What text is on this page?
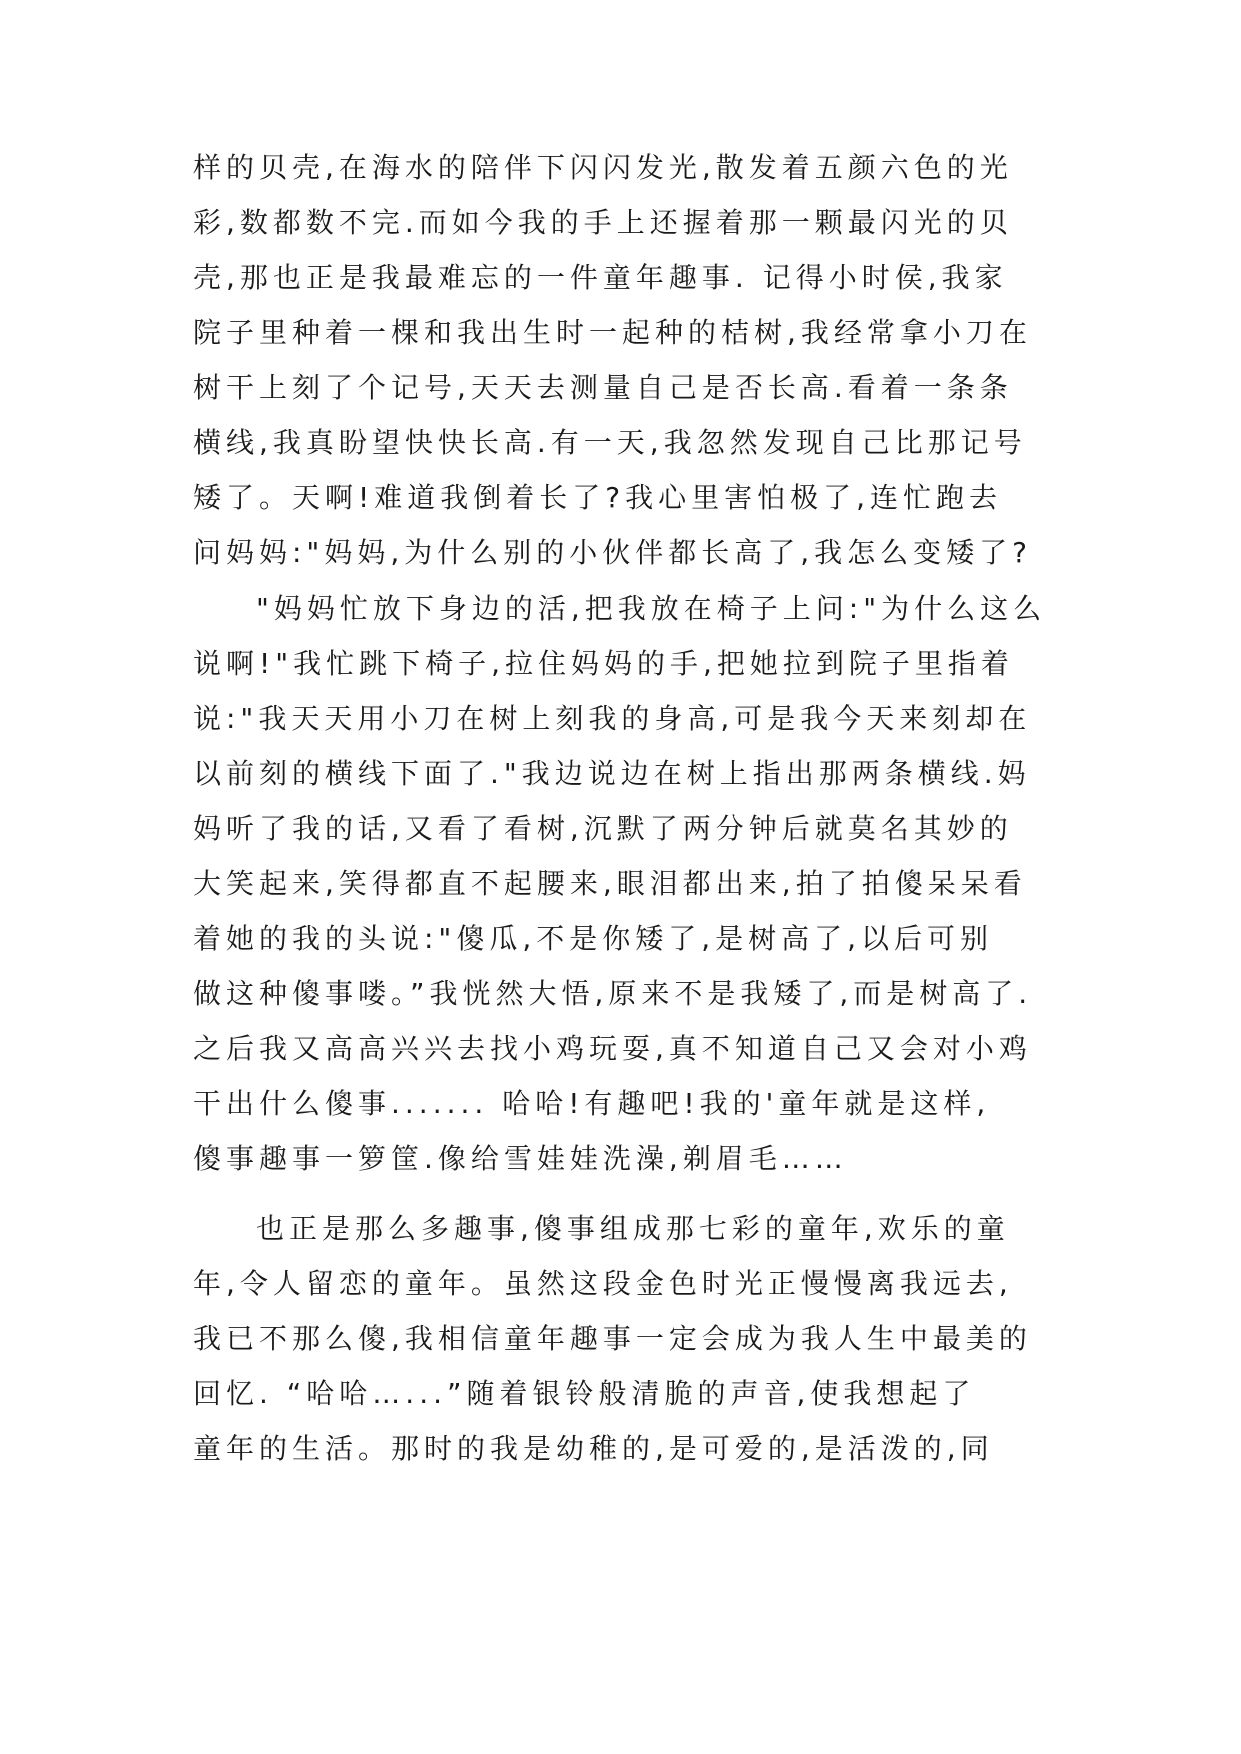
样的贝壳,在海水的陪伴下闪闪发光,散发着五颜六色的光
彩,数都数不完.而如今我的手上还握着那一颗最闪光的贝
壳,那也正是我最难忘的一件童年趣事. 记得小时侯,我家
院子里种着一棵和我出生时一起种的桔树,我经常拿小刀在
树干上刻了个记号,天天去测量自己是否长高.看着一条条
横线,我真盼望快快长高.有一天,我忽然发现自己比那记号
矮了。天啊!难道我倒着长了?我心里害怕极了,连忙跑去
问妈妈:"妈妈,为什么别的小伙伴都长高了,我怎么变矮了?
"妈妈忙放下身边的活,把我放在椅子上问:"为什么这么
说啊!"我忙跳下椅子,拉住妈妈的手,把她拉到院子里指着
说:"我天天用小刀在树上刻我的身高,可是我今天来刻却在
以前刻的横线下面了."我边说边在树上指出那两条横线.妈
妈听了我的话,又看了看树,沉默了两分钟后就莫名其妙的
大笑起来,笑得都直不起腰来,眼泪都出来,拍了拍傻呆呆看
着她的我的头说:"傻瓜,不是你矮了,是树高了,以后可别
做这种傻事喽。”我恍然大悟,原来不是我矮了,而是树高了.
之后我又高高兴兴去找小鸡玩耍,真不知道自己又会对小鸡
干出什么傻事....... 哈哈!有趣吧!我的'童年就是这样,
傻事趣事一箩筐.像给雪娃娃洗澡,剃眉毛……
也正是那么多趣事,傻事组成那七彩的童年,欢乐的童
年,令人留恋的童年。虽然这段金色时光正慢慢离我远去,
我已不那么傻,我相信童年趣事一定会成为我人生中最美的
回忆. “哈哈…...”随着银铃般清脆的声音,使我想起了
童年的生活。那时的我是幼稚的,是可爱的,是活泼的,同
